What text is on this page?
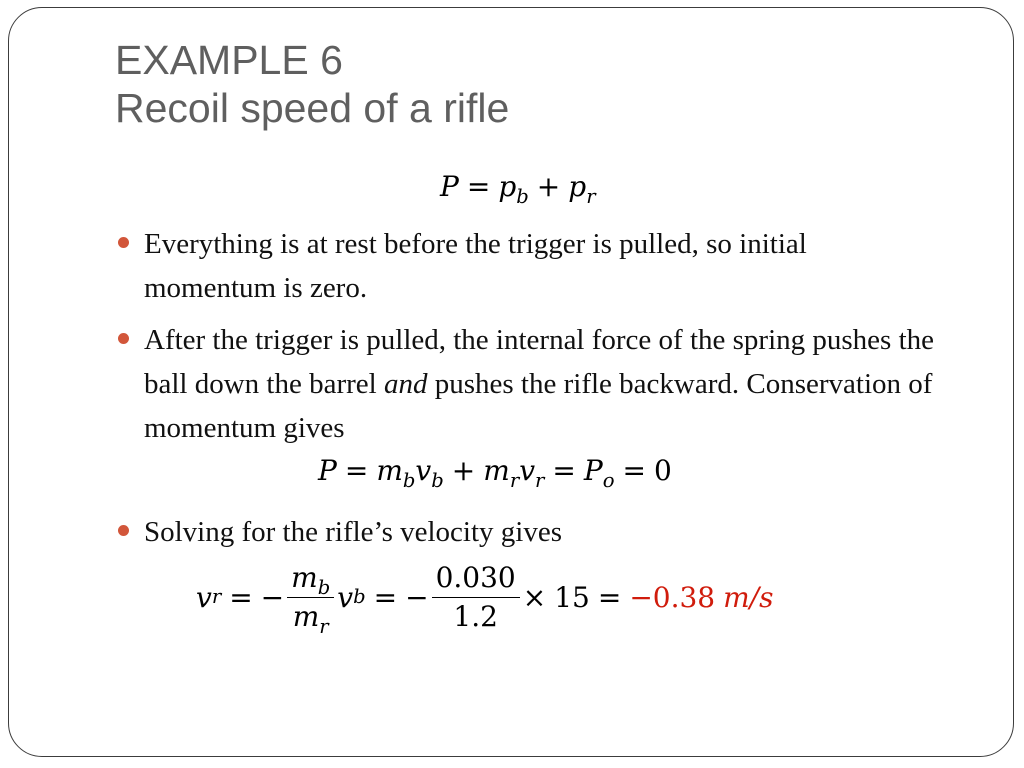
EXAMPLE 6
Recoil speed of a rifle
$P = p_b + p_r$
Everything is at rest before the trigger is pulled, so initial
momentum is zero.
After the trigger is pulled, the internal force of the spring pushes the ball down the barrel and pushes the rifle backward. Conservation of momentum gives
Solving for the rifle’s velocity gives
$P = m_bv_b + m_rv_r = P_o = 0$
v r = − $\frac{m_b}{m_r}$ v b = − $\frac{0.030}{1.2} \times 15 = -0.38$ m/s
